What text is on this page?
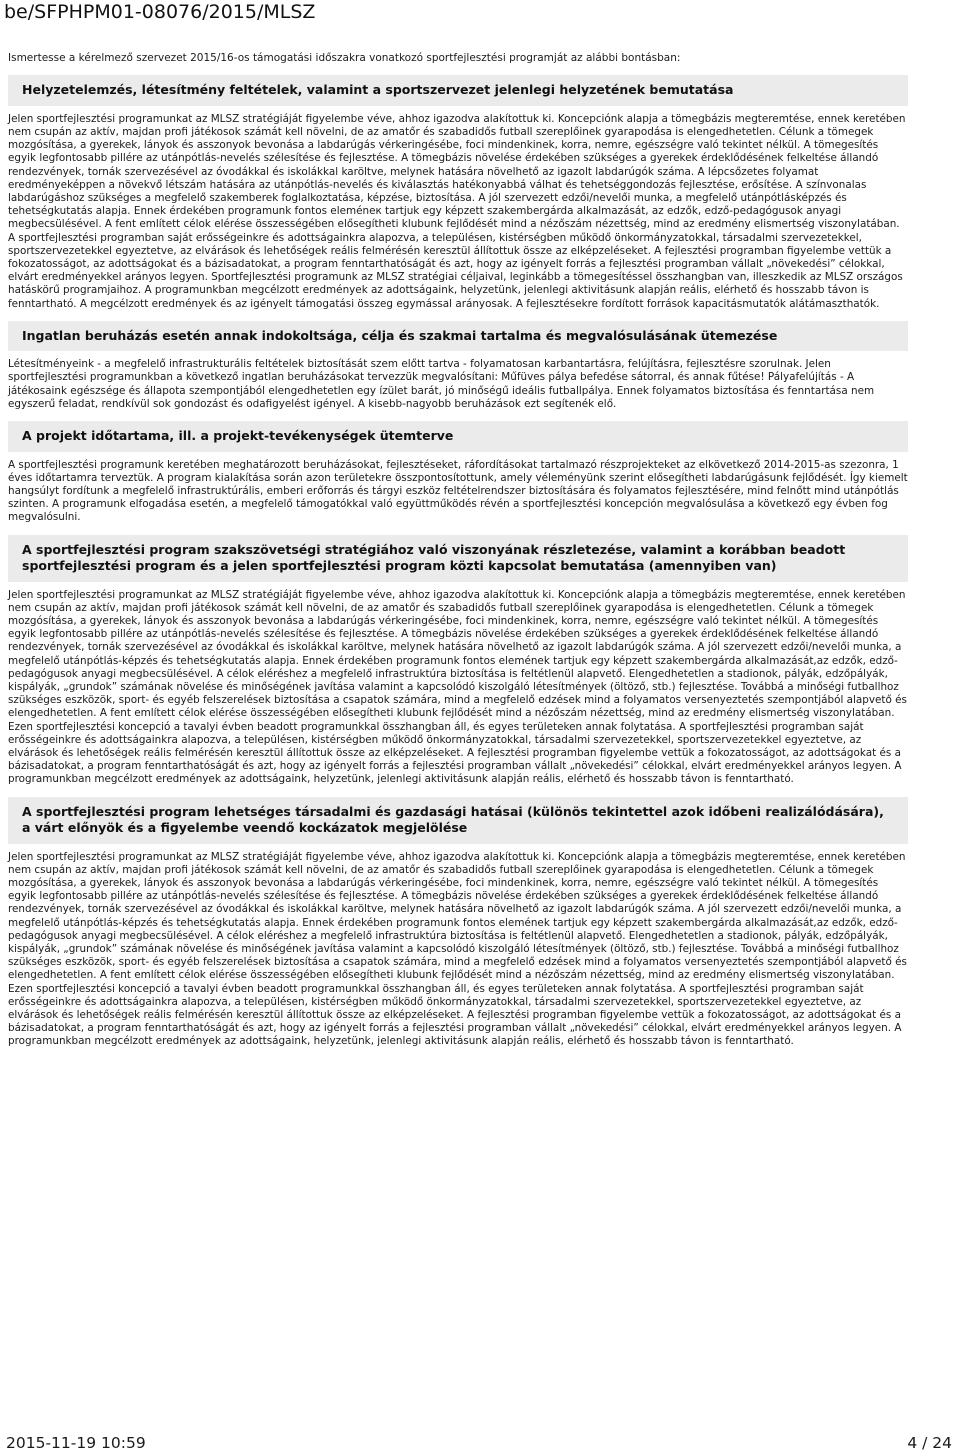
be/SFPHPM01-08076/2015/MLSZ

Ismertesse a kérelmező szervezet 2015/16-os támogatási időszakra vonatkozó sportfejlesztési programját az alábbi bontásban:

Helyzetelemzés, létesítmény feltételek, valamint a sportszervezet jelenlegi helyzetének bemutatása

Jelen sportfejlesztési programunkat az MLSZ stratégiáját figyelembe véve, ahhoz igazodva alakítottuk ki. Koncepciónk alapja a tömegbázis megteremtése, ennek keretében nem csupán az aktív, majdan profi játékosok számát kell növelni, de az amatőr és szabadidős futball szereplőinek gyarapodása is elengedhetetlen. Célunk a tömegek mozgósítása, a gyerekek, lányok és asszonyok bevonása a labdarúgás vérkeringésébe, foci mindenkinek, korra, nemre, egészségre való tekintet nélkül. A tömegesítés egyik legfontosabb pillére az utánpótlás-nevelés szélesítése és fejlesztése. A tömegbázis növelése érdekében szükséges a gyerekek érdeklődésének felkeltése állandó rendezvények, tornák szervezésével az óvodákkal és iskolákkal karöltve, melynek hatására növelhető az igazolt labdarúgók száma. A lépcsőzetes folyamat eredményeképpen a növekvő létszám hatására az utánpótlás-nevelés és kiválasztás hatékonyabbá válhat és tehetséggondozás fejlesztése, erősítése. A színvonalas labdarúgáshoz szükséges a megfelelő szakemberek foglalkoztatása, képzése, biztosítása. A jól szervezett edzői/nevelői munka, a megfelelő utánpótlásképzés és tehetségkutatás alapja. Ennek érdekében programunk fontos eleméneк tartjuk egy képzett szakembergárda alkalmazását, az edzők, edző-pedagógusok anyagi megbecsülésével. A fent említett célok elérése összességében elősegítheti klubunk fejlődését mind a nézőszám nézettség, mind az eredmény elismertség viszonylatában. A sportfejlesztési programban saját erősségeinkre és adottságainkra alapozva, a településen, kistérségben működő önkormányzatokkal, társadalmi szervezetekkel, sportszervezetekkel egyeztetve, az elvárások és lehetőségek reális felmérésén keresztül állítottuk össze az elképzeléseket. A fejlesztési programban figyelembe vettük a fokozatosságot, az adottságokat és a bázisadatokat, a program fenntarthatóságát és azt, hogy az igényelt forrás a fejlesztési programban vállalt „növekedési” célokkal, elvárt eredményekkel arányos legyen. Sportfejlesztési programunk az MLSZ stratégiai céljaival, leginkább a tömegesítéssel összhangban van, illeszkedik az MLSZ országos hatáskörű programjaihoz. A programunkban megcélzott eredmények az adottságaink, helyzetünk, jelenlegi aktivitásunk alapján reális, elérhető és hosszabb távon is fenntartható. A megcélzott eredmények és az igényelt támogatási összeg egymással arányosak. A fejlesztésekre fordított források kapacitásmutatók alátámaszthatók.

Ingatlan beruházás esetén annak indokoltsága, célja és szakmai tartalma és megvalósulásának ütemezése

Létesítményeink - a megfelelő infrastrukturális feltételek biztosítását szem előtt tartva - folyamatosan karbantartásra, felújításra, fejlesztésre szorulnak. Jelen sportfejlesztési programunkban a következő ingatlan beruházásokat tervezzük megvalósítani: Műfüves pálya befedése sátorral, és annak fűtése! Pályafelújítás - A játékosaink egészsége és állapota szempontjából elengedhetetlen egy ízület barát, jó minőségű ideális futballpálya. Ennek folyamatos biztosítása és fenntartása nem egyszerű feladat, rendkívül sok gondozást és odafigyelést igényel. A kisebb-nagyobb beruházások ezt segítenék elő.

A projekt időtartama, ill. a projekt-tevékenységek ütemterve

A sportfejlesztési programunk keretében meghatározott beruházásokat, fejlesztéseket, ráfordításokat tartalmazó részprojekteket az elkövetkező 2014-2015-as szezonra, 1 éves időtartamra terveztük. A program kialakítása során azon területekre összpontosítottunk, amely véleményünk szerint elősegítheti labdarúgásunk fejlődését. Így kiemelt hangsúlyt fordítunk a megfelelő infrastruktúrális, emberi erőforrás és tárgyi eszköz feltételrendszer biztosítására és folyamatos fejlesztésére, mind felnőtt mind utánpótlás szinten. A programunk elfogadása esetén, a megfelelő támogatókkal való együttműködés révén a sportfejlesztési koncepción megvalósulása a következő egy évben fog megvalósulni.

A sportfejlesztési program szakszövetségi stratégiához való viszonyának részletezése, valamint a korábban beadott sportfejlesztési program és a jelen sportfejlesztési program közti kapcsolat bemutatása (amennyiben van)

Jelen sportfejlesztési programunkat az MLSZ stratégiáját figyelembe véve, ahhoz igazodva alakítottuk ki. Koncepciónk alapja a tömegbázis megteremtése, ennek keretében nem csupán az aktív, majdan profi játékosok számát kell növelni, de az amatőr és szabadidős futball szereplőinek gyarapodása is elengedhetetlen. Célunk a tömegek mozgósítása, a gyerekek, lányok és asszonyok bevonása a labdarúgás vérkeringésébe, foci mindenkinek, korra, nemre, egészségre való tekintet nélkül. A tömegesítés egyik legfontosabb pillére az utánpótlás-nevelés szélesítése és fejlesztése. A tömegbázis növelése érdekében szükséges a gyerekek érdeklődésének felkeltése állandó rendezvények, tornák szervezésével az óvodákkal és iskolákkal karöltve, melynek hatására növelhető az igazolt labdarúgók száma. A jól szervezett edzői/nevelői munka, a megfelelő utánpótlás-képzés és tehetségkutatás alapja. Ennek érdekében programunk fontos elemének tartjuk egy képzett szakembergárda alkalmazását,az edzők, edző-pedagógusok anyagi megbecsülésével. A célok eléréshez a megfelelő infrastruktúra biztosítása is feltétlenül alapvető. Elengedhetetlen a stadionok, pályák, edzőpályák, kispályák, „grundok” számának növelése és minőségének javítása valamint a kapcsolódó kiszolgáló létesítmények (öltöző, stb.) fejlesztése. Továbbá a minőségi futballhoz szükséges eszközök, sport- és egyéb felszerelések biztosítása a csapatok számára, mind a megfelelő edzések mind a folyamatos versenyeztetés szempontjából alapvető és elengedhetetlen. A fent említett célok elérése összességében elősegítheti klubunk fejlődését mind a nézőszám nézettség, mind az eredmény elismertség viszonylatában. Ezen sportfejlesztési koncepció a tavalyi évben beadott programunkkal összhangban áll, és egyes területeken annak folytatása. A sportfejlesztési programban saját erősségeinkre és adottságainkra alapozva, a településen, kistérségben működő önkormányzatokkal, társadalmi szervezetekkel, sportszervezetekkel egyeztetve, az elvárások és lehetőségek reális felmérésén keresztül állítottuk össze az elképzeléseket. A fejlesztési programban figyelembe vettük a fokozatosságot, az adottságokat és a bázisadatokat, a program fenntarthatóságát és azt, hogy az igényelt forrás a fejlesztési programban vállalt „növekedési” célokkal, elvárt eredményekkel arányos legyen. A programunkban megcélzott eredmények az adottságaink, helyzetünk, jelenlegi aktivitásunk alapján reális, elérhető és hosszabb távon is fenntartható.

A sportfejlesztési program lehetséges társadalmi és gazdasági hatásai (különös tekintettel azok időbeni realizálódására), a várt előnyök és a figyelembe veendő kockázatok megjelölése

Jelen sportfejlesztési programunkat az MLSZ stratégiáját figyelembe véve, ahhoz igazodva alakítottuk ki. Koncepciónk alapja a tömegbázis megteremtése, ennek keretében nem csupán az aktív, majdan profi játékosok számát kell növelni, de az amatőr és szabadidős futball szereplőinek gyarapodása is elengedhetetlen. Célunk a tömegek mozgósítása, a gyerekek, lányok és asszonyok bevonása a labdarúgás vérkeringésébe, foci mindenkinek, korra, nemre, egészségre való tekintet nélkül. A tömegesítés egyik legfontosabb pillére az utánpótlás-nevelés szélesítése és fejlesztése. A tömegbázis növelése érdekében szükséges a gyerekek érdeklődésének felkeltése állandó rendezvények, tornák szervezésével az óvodákkal és iskolákkal karöltve, melynek hatására növelhető az igazolt labdarúgók száma. A jól szervezett edzői/nevelői munka, a megfelelő utánpótlás-képzés és tehetségkutatás alapja. Ennek érdekében programunk fontos elemének tartjuk egy képzett szakembergárda alkalmazását,az edzők, edző-pedagógusok anyagi megbecsülésével. A célok eléréshez a megfelelő infrastruktúra biztosítása is feltétlenül alapvető. Elengedhetetlen a stadionok, pályák, edzőpályák, kispályák, „grundok” számának növelése és minőségének javítása valamint a kapcsolódó kiszolgáló létesítmények (öltöző, stb.) fejlesztése. Továbbá a minőségi futballhoz szükséges eszközök, sport- és egyéb felszerelések biztosítása a csapatok számára, mind a megfelelő edzések mind a folyamatos versenyeztetés szempontjából alapvető és elengedhetetlen. A fent említett célok elérése összességében elősegítheti klubunk fejlődését mind a nézőszám nézettség, mind az eredmény elismertség viszonylatában. Ezen sportfejlesztési koncepció a tavalyi évben beadott programunkkal összhangban áll, és egyes területeken annak folytatása. A sportfejlesztési programban saját erősségeinkre és adottságainkra alapozva, a településen, kistérségben működő önkormányzatokkal, társadalmi szervezetekkel, sportszervezetekkel egyeztetve, az elvárások és lehetőségek reális felmérésén keresztül állítottuk össze az elképzeléseket. A fejlesztési programban figyelembe vettük a fokozatosságot, az adottságokat és a bázisadatokat, a program fenntarthatóságát és azt, hogy az igényelt forrás a fejlesztési programban vállalt „növekedési” célokkal, elvárt eredményekkel arányos legyen. A programunkban megcélzott eredmények az adottságaink, helyzetünk, jelenlegi aktivitásunk alapján reális, elérhető és hosszabb távon is fenntartható.

2015-11-19 10:59	4 / 24
